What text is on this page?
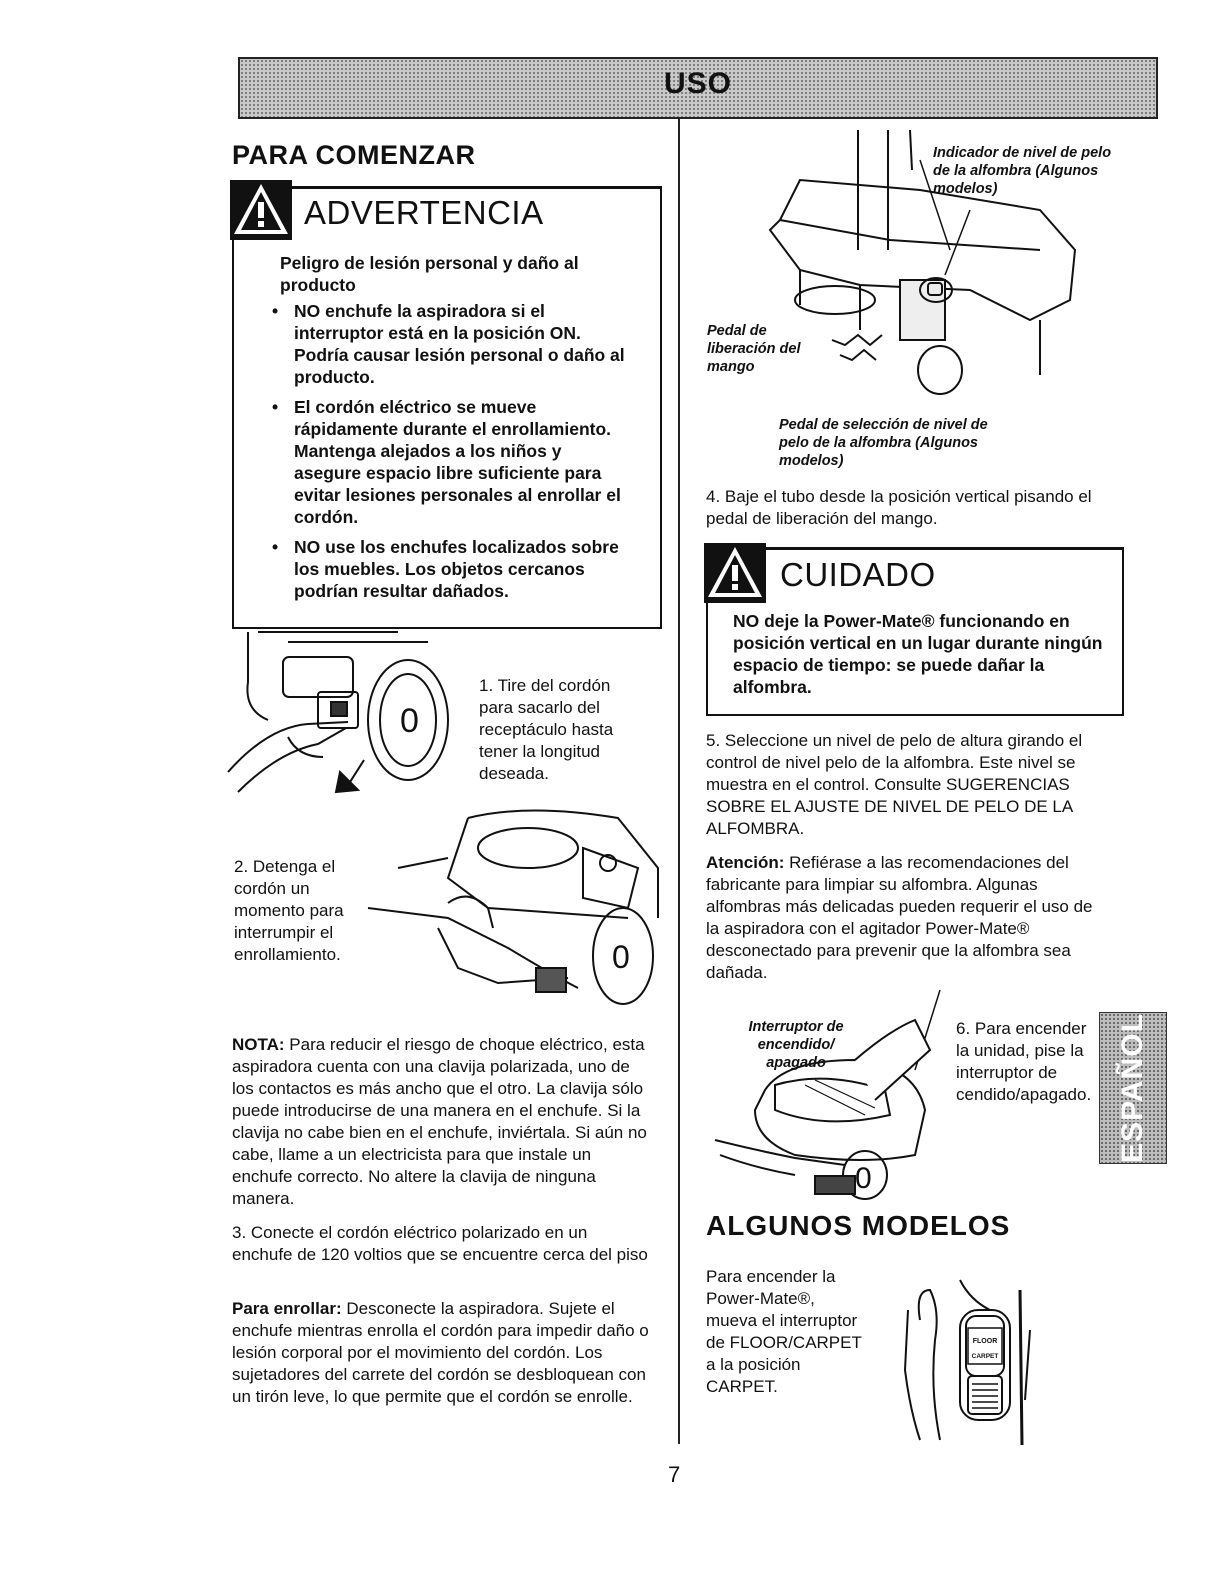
USO
PARA COMENZAR
ADVERTENCIA
Peligro de lesión personal y daño al producto
• NO enchufe la aspiradora si el interruptor está en la posición ON. Podría causar lesión personal o daño al producto.
• El cordón eléctrico se mueve rápidamente durante el enrollamiento. Mantenga alejados a los niños y asegure espacio libre suficiente para evitar lesiones personales al enrollar el cordón.
• NO use los enchufes localizados sobre los muebles. Los objetos cercanos podrían resultar dañados.
0
1. Tire del cordón para sacarlo del receptáculo hasta tener la longitud deseada.
2. Detenga el cordón un momento para interrumpir el enrollamiento.	0
NOTA: Para reducir el riesgo de choque eléctrico, esta aspiradora cuenta con una clavija polarizada, uno de los contactos es más ancho que el otro. La clavija sólo puede introducirse de una manera en el enchufe. Si la clavija no cabe bien en el enchufe, inviértala. Si aún no cabe, llame a un electricista para que instale un enchufe correcto. No altere la clavija de ninguna manera.
3. Conecte el cordón eléctrico polarizado en un enchufe de 120 voltios que se encuentre cerca del piso
Para enrollar: Desconecte la aspiradora. Sujete el enchufe mientras enrolla el cordón para impedir daño o lesión corporal por el movimiento del cordón. Los sujetadores del carrete del cordón se desbloquean con un tirón leve, lo que permite que el cordón se enrolle.
Indicador de nivel de pelo de la alfombra (Algunos modelos)
Pedal de liberación del mango
Pedal de selección de nivel de pelo de la alfombra (Algunos modelos)
4. Baje el tubo desde la posición vertical pisando el pedal de liberación del mango.
CUIDADO
NO deje la Power-Mate® funcionando en posición vertical en un lugar durante ningún espacio de tiempo: se puede dañar la alfombra.
5. Seleccione un nivel de pelo de altura girando el control de nivel pelo de la alfombra. Este nivel se muestra en el control. Consulte SUGERENCIAS SOBRE EL AJUSTE DE NIVEL DE PELO DE LA ALFOMBRA.
Atención: Refiérase a las recomendaciones del fabricante para limpiar su alfombra. Algunas alfombras más delicadas pueden requerir el uso de la aspiradora con el agitador Power-Mate® desconectado para prevenir que la alfombra sea dañada.
Interruptor de encendido/ apagado
0
6. Para encender la unidad, pise la interruptor de cendido/apagado. ESPAÑOL
ALGUNOS MODELOS
Para encender la Power-Mate®, mueva el interruptor de FLOOR/CARPET a la posición CARPET.
FLOOR
CARPET
7
